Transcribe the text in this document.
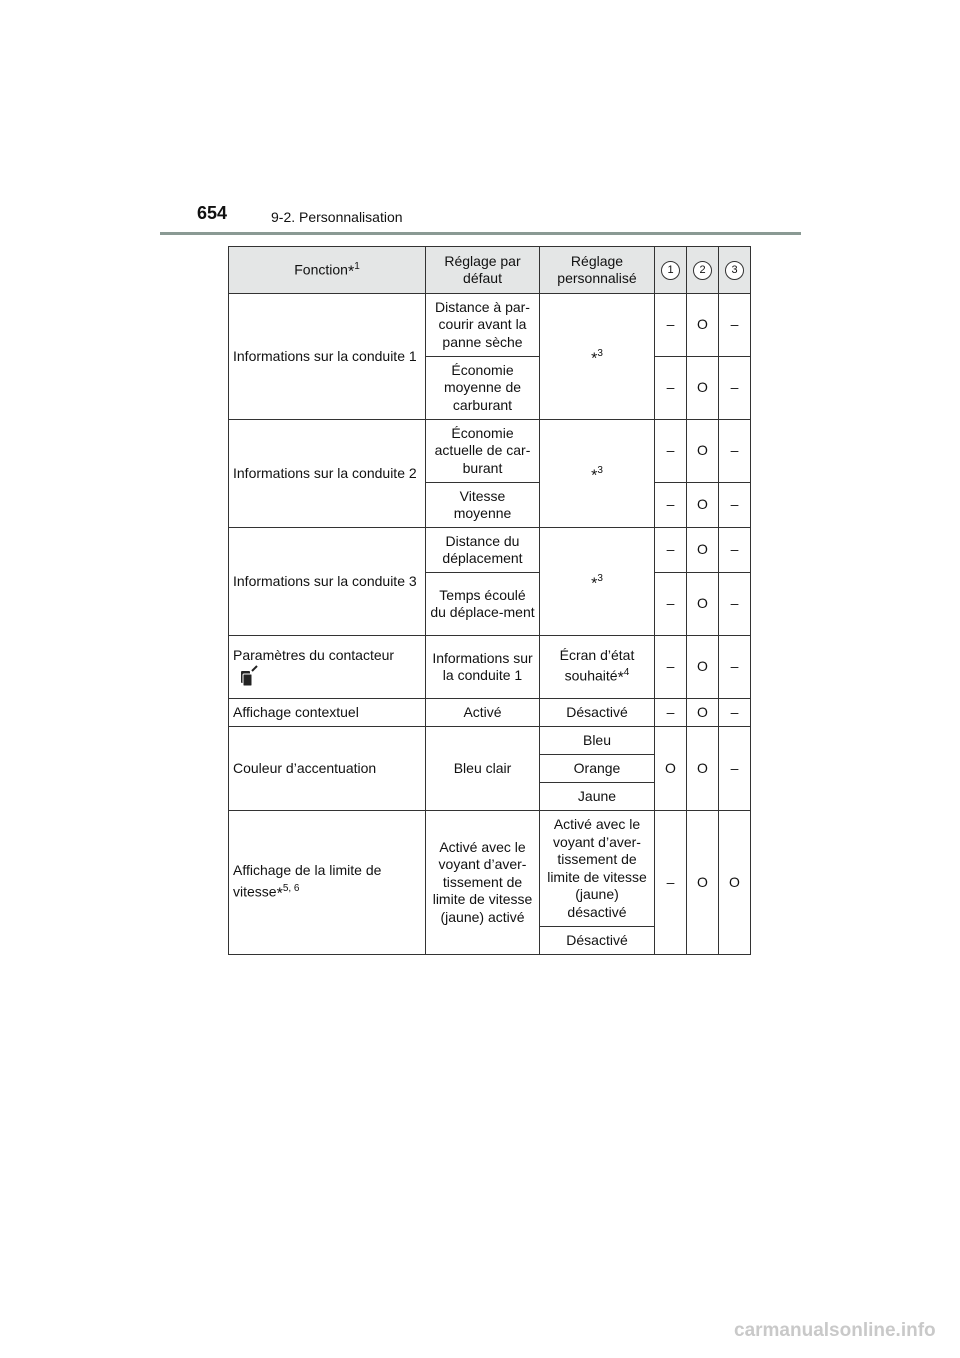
654	9-2. Personnalisation
Fonction*$^1$	Réglage par défaut	Réglage personnalisé	1	2	3
Informations sur la conduite 1	Distance à par-courir avant la panne sèche	*$^3$	–	O	–
	Économie moyenne de carburant		–	O	–
Informations sur la conduite 2	Économie actuelle de car-burant	*$^3$	–	O	–
	Vitesse moyenne		–	O	–
Informations sur la conduite 3	Distance du déplacement	*$^3$	–	O	–
	Temps écoulé du déplace-ment		–	O	–
Paramètres du contacteur	Informations sur la conduite 1	Écran d’état souhaité*$^4$	–	O	–
Affichage contextuel	Activé	Désactivé	–	O	–
Couleur d’accentuation	Bleu clair	Bleu	O	O	–
		Orange			
		Jaune			
Affichage de la limite de vitesse*$^{5, 6}$	Activé avec le voyant d’aver-tissement de limite de vitesse (jaune) activé	Activé avec le voyant d’aver-tissement de limite de vitesse (jaune) désactivé	–	O	O
		Désactivé			
carmanualsonline.info
